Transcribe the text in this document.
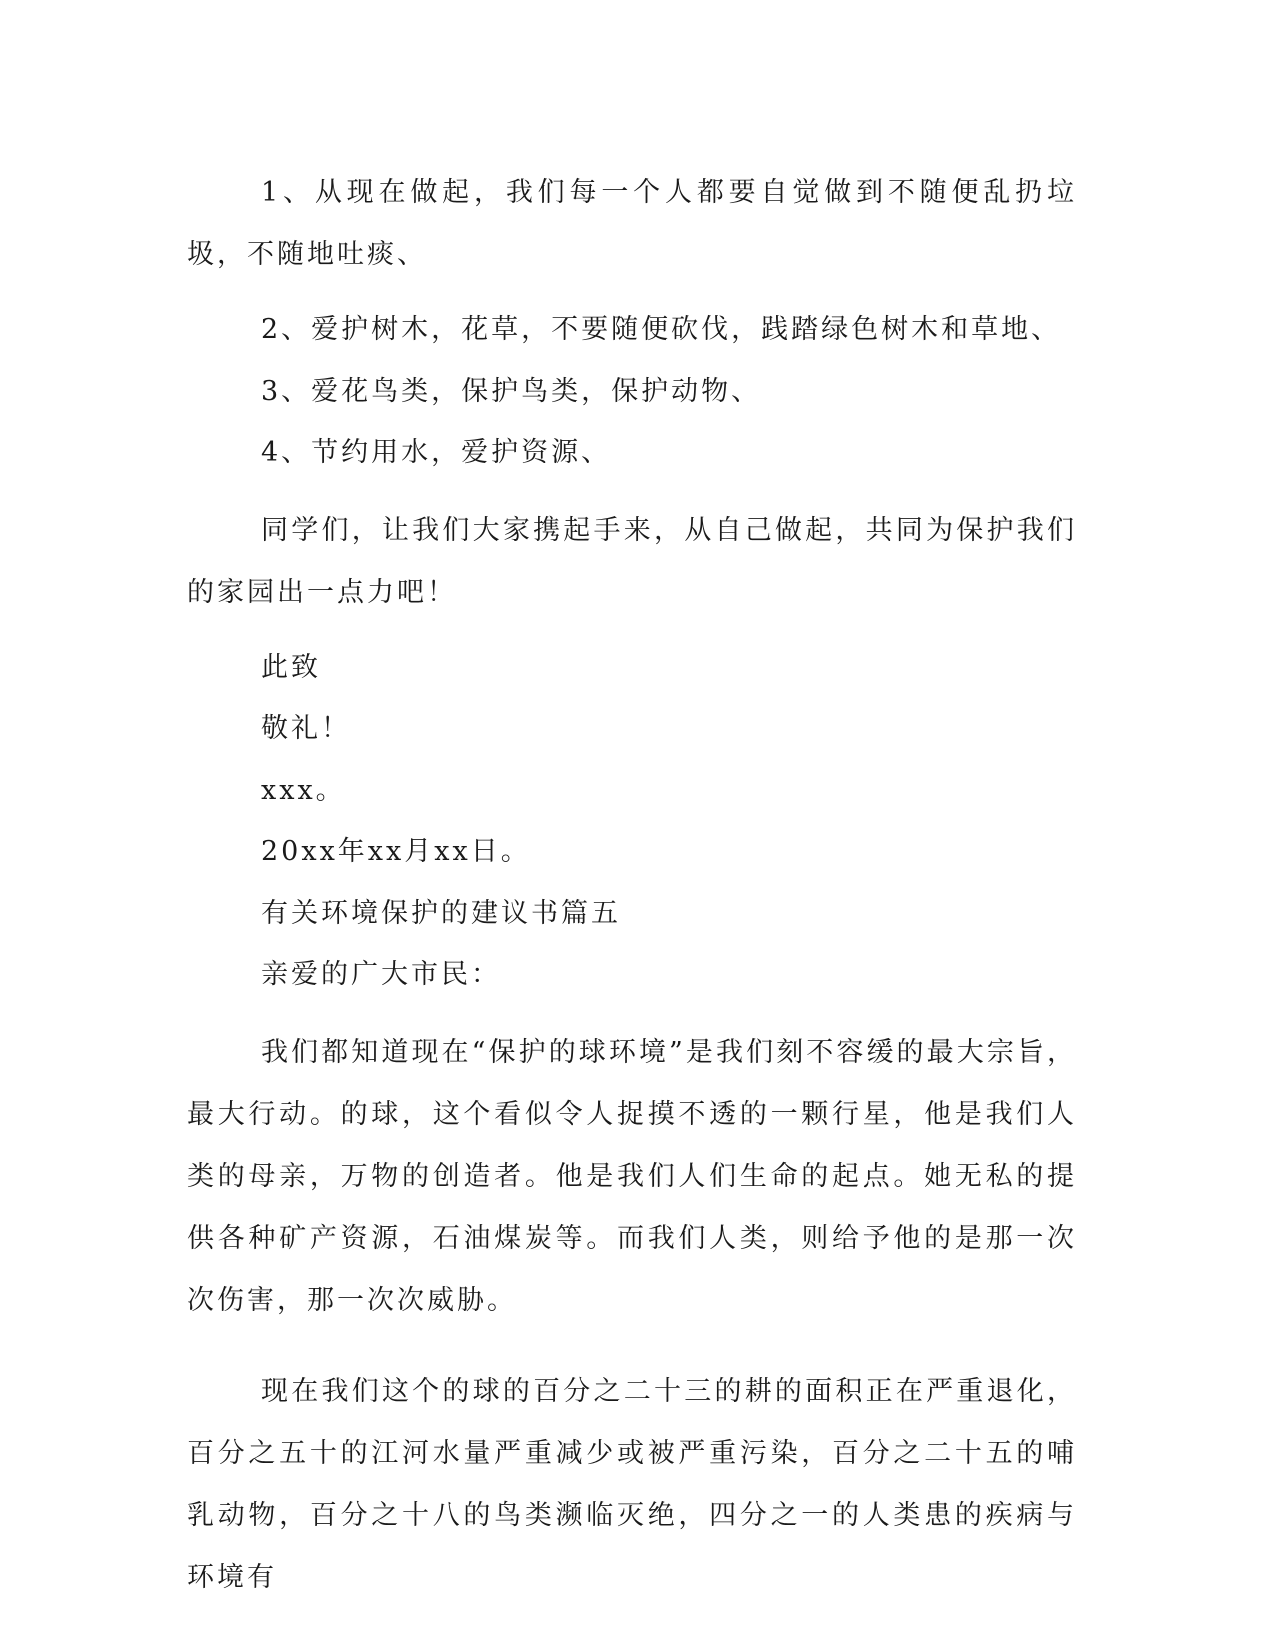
1、从现在做起，我们每一个人都要自觉做到不随便乱扔垃圾，不随地吐痰、

2、爱护树木，花草，不要随便砍伐，践踏绿色树木和草地、

3、爱花鸟类，保护鸟类，保护动物、

4、节约用水，爱护资源、

同学们，让我们大家携起手来，从自己做起，共同为保护我们的家园出一点力吧！

此致

敬礼！

xxx。

20xx年xx月xx日。

有关环境保护的建议书篇五

亲爱的广大市民：

我们都知道现在“保护的球环境”是我们刻不容缓的最大宗旨，最大行动。的球，这个看似令人捉摸不透的一颗行星，他是我们人类的母亲，万物的创造者。他是我们人们生命的起点。她无私的提供各种矿产资源，石油煤炭等。而我们人类，则给予他的是那一次次伤害，那一次次威胁。

现在我们这个的球的百分之二十三的耕的面积正在严重退化，百分之五十的江河水量严重减少或被严重污染，百分之二十五的哺乳动物，百分之十八的鸟类濒临灭绝，四分之一的人类患的疾病与环境有
